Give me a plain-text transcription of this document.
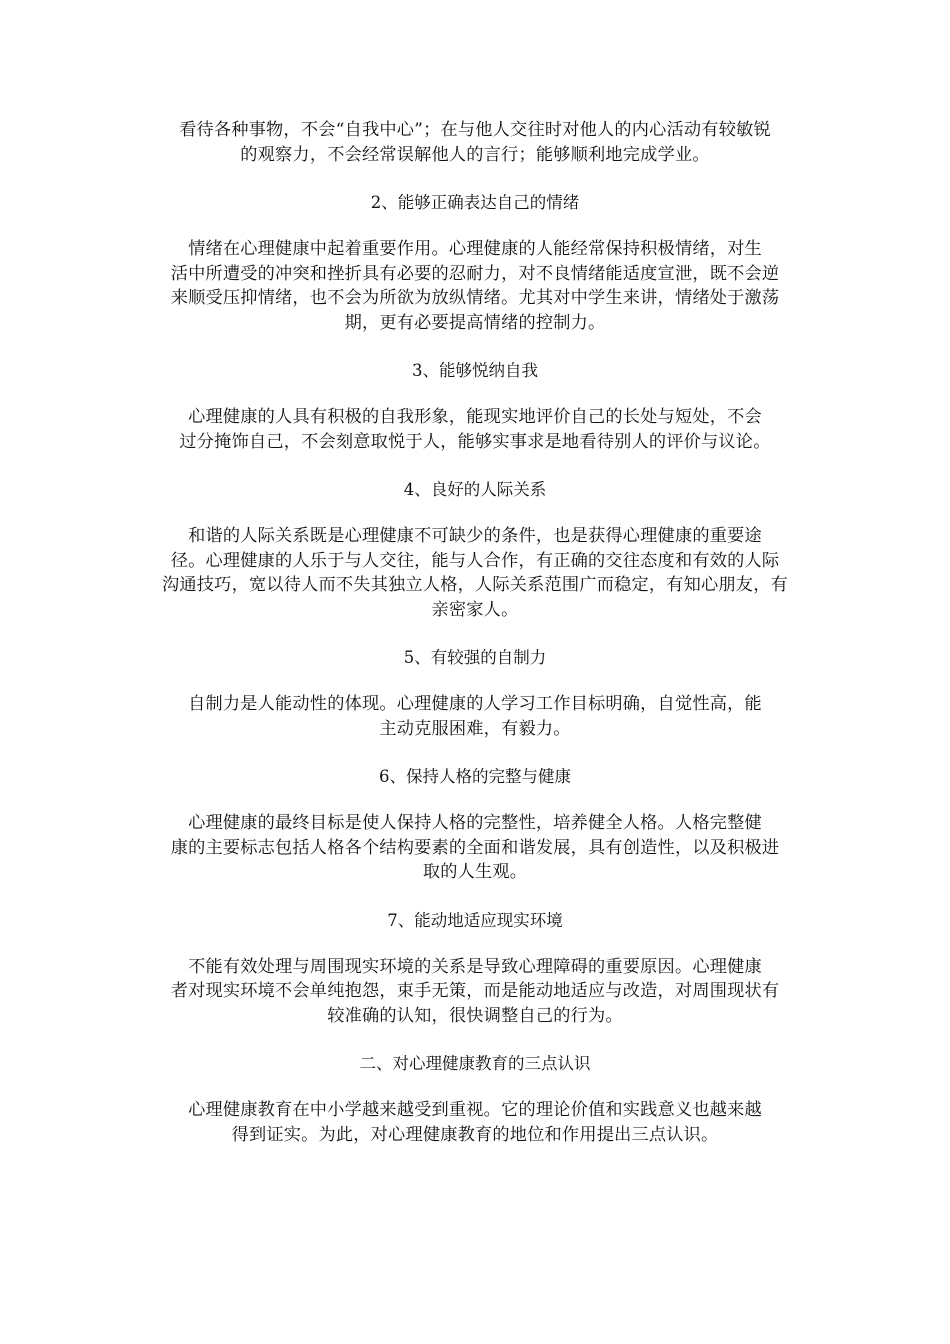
看待各种事物，不会“自我中心”；在与他人交往时对他人的内心活动有较敏锐
的观察力，不会经常误解他人的言行；能够顺利地完成学业。
2、能够正确表达自己的情绪
情绪在心理健康中起着重要作用。心理健康的人能经常保持积极情绪，对生
活中所遭受的冲突和挫折具有必要的忍耐力，对不良情绪能适度宣泄，既不会逆
来顺受压抑情绪，也不会为所欲为放纵情绪。尤其对中学生来讲，情绪处于激荡
期，更有必要提高情绪的控制力。
3、能够悦纳自我
心理健康的人具有积极的自我形象，能现实地评价自己的长处与短处，不会
过分掩饰自己，不会刻意取悦于人，能够实事求是地看待别人的评价与议论。
4、良好的人际关系
和谐的人际关系既是心理健康不可缺少的条件，也是获得心理健康的重要途
径。心理健康的人乐于与人交往，能与人合作，有正确的交往态度和有效的人际
沟通技巧，宽以待人而不失其独立人格，人际关系范围广而稳定，有知心朋友，有
亲密家人。
5、有较强的自制力
自制力是人能动性的体现。心理健康的人学习工作目标明确，自觉性高，能
主动克服困难，有毅力。
6、保持人格的完整与健康
心理健康的最终目标是使人保持人格的完整性，培养健全人格。人格完整健
康的主要标志包括人格各个结构要素的全面和谐发展，具有创造性，以及积极进
取的人生观。
7、能动地适应现实环境
不能有效处理与周围现实环境的关系是导致心理障碍的重要原因。心理健康
者对现实环境不会单纯抱怨，束手无策，而是能动地适应与改造，对周围现状有
较准确的认知，很快调整自己的行为。
二、对心理健康教育的三点认识
心理健康教育在中小学越来越受到重视。它的理论价值和实践意义也越来越
得到证实。为此，对心理健康教育的地位和作用提出三点认识。
